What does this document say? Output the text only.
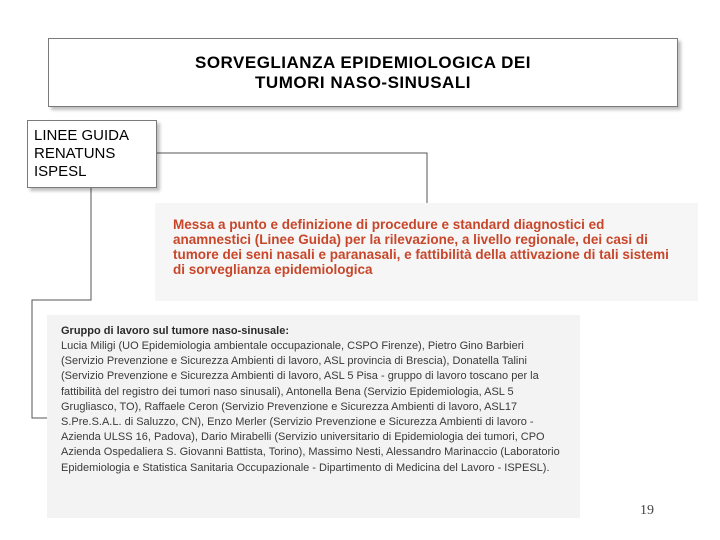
SORVEGLIANZA EPIDEMIOLOGICA DEI
TUMORI NASO-SINUSALI
LINEE GUIDA
RENATUNS
ISPESL
Messa a punto e definizione di procedure e standard diagnostici ed anamnestici (Linee Guida) per la rilevazione, a livello regionale, dei casi di tumore dei seni nasali e paranasali, e fattibilità della attivazione di tali sistemi di sorveglianza epidemiologica
Gruppo di lavoro sul tumore naso-sinusale:
Lucia Miligi (UO Epidemiologia ambientale occupazionale, CSPO Firenze), Pietro Gino Barbieri (Servizio Prevenzione e Sicurezza Ambienti di lavoro, ASL provincia di Brescia), Donatella Talini (Servizio Prevenzione e Sicurezza Ambienti di lavoro, ASL 5 Pisa - gruppo di lavoro toscano per la fattibilità del registro dei tumori naso sinusali), Antonella Bena (Servizio Epidemiologia, ASL 5 Grugliasco, TO), Raffaele Ceron (Servizio Prevenzione e Sicurezza Ambienti di lavoro, ASL17 S.Pre.S.A.L. di Saluzzo, CN), Enzo Merler (Servizio Prevenzione e Sicurezza Ambienti di lavoro - Azienda ULSS 16, Padova), Dario Mirabelli (Servizio universitario di Epidemiologia dei tumori, CPO Azienda Ospedaliera S. Giovanni Battista, Torino), Massimo Nesti, Alessandro Marinaccio (Laboratorio Epidemiologia e Statistica Sanitaria Occupazionale - Dipartimento di Medicina del Lavoro - ISPESL).
19
